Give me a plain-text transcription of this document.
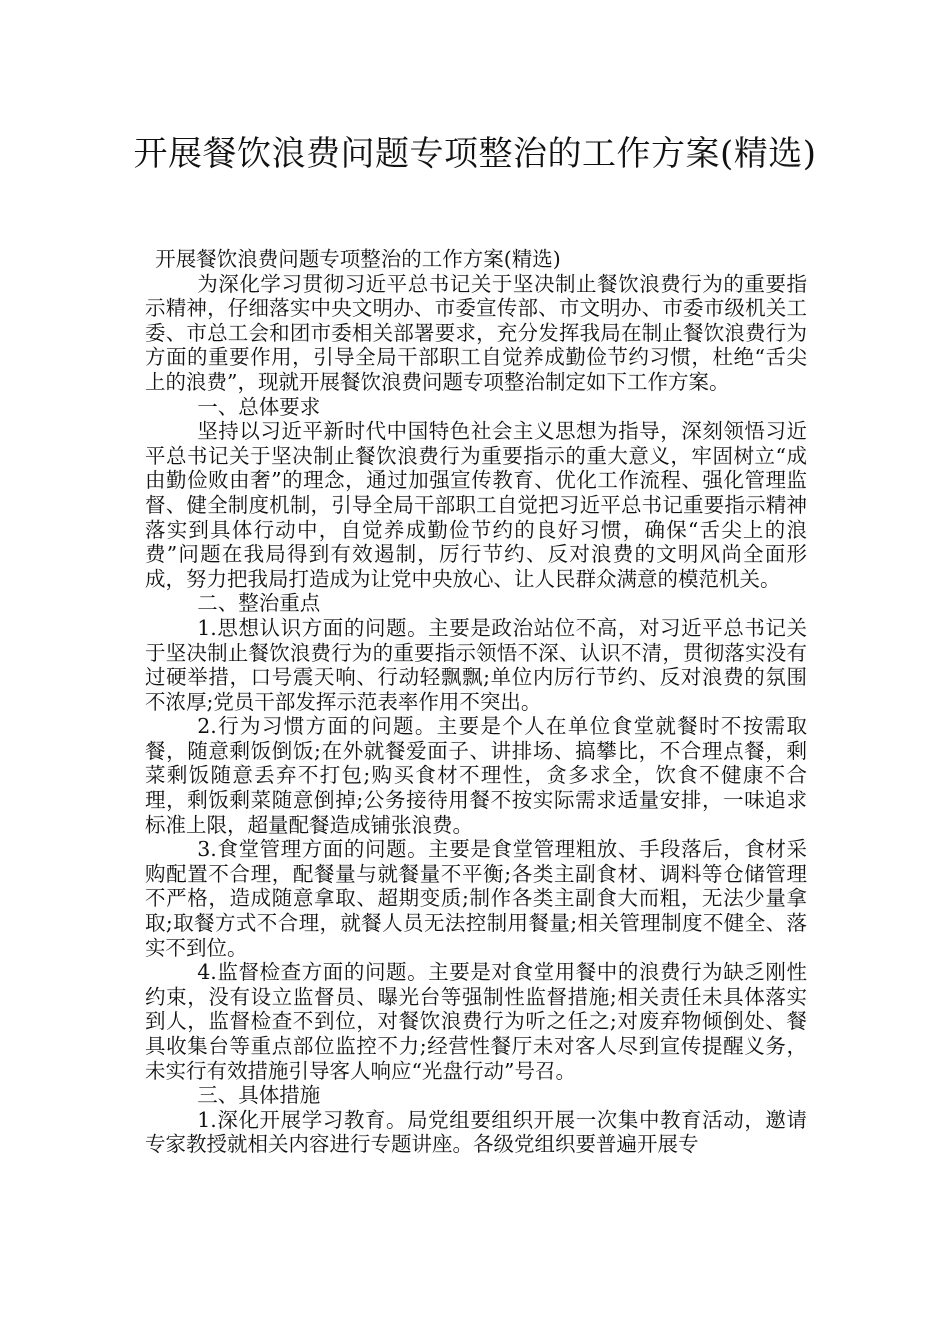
开展餐饮浪费问题专项整治的工作方案(精选)

开展餐饮浪费问题专项整治的工作方案(精选)

为深化学习贯彻习近平总书记关于坚决制止餐饮浪费行为的重要指示精神，仔细落实中央文明办、市委宣传部、市文明办、市委市级机关工委、市总工会和团市委相关部署要求，充分发挥我局在制止餐饮浪费行为方面的重要作用，引导全局干部职工自觉养成勤俭节约习惯，杜绝“舌尖上的浪费”，现就开展餐饮浪费问题专项整治制定如下工作方案。

一、总体要求

坚持以习近平新时代中国特色社会主义思想为指导，深刻领悟习近平总书记关于坚决制止餐饮浪费行为重要指示的重大意义，牢固树立“成由勤俭败由奢”的理念，通过加强宣传教育、优化工作流程、强化管理监督、健全制度机制，引导全局干部职工自觉把习近平总书记重要指示精神落实到具体行动中，自觉养成勤俭节约的良好习惯，确保“舌尖上的浪费”问题在我局得到有效遏制，厉行节约、反对浪费的文明风尚全面形成，努力把我局打造成为让党中央放心、让人民群众满意的模范机关。

二、整治重点

1.思想认识方面的问题。主要是政治站位不高，对习近平总书记关于坚决制止餐饮浪费行为的重要指示领悟不深、认识不清，贯彻落实没有过硬举措，口号震天响、行动轻飘飘;单位内厉行节约、反对浪费的氛围不浓厚;党员干部发挥示范表率作用不突出。

2.行为习惯方面的问题。主要是个人在单位食堂就餐时不按需取餐，随意剩饭倒饭;在外就餐爱面子、讲排场、搞攀比，不合理点餐，剩菜剩饭随意丢弃不打包;购买食材不理性，贪多求全，饮食不健康不合理，剩饭剩菜随意倒掉;公务接待用餐不按实际需求适量安排，一味追求标准上限，超量配餐造成铺张浪费。

3.食堂管理方面的问题。主要是食堂管理粗放、手段落后，食材采购配置不合理，配餐量与就餐量不平衡;各类主副食材、调料等仓储管理不严格，造成随意拿取、超期变质;制作各类主副食大而粗，无法少量拿取;取餐方式不合理，就餐人员无法控制用餐量;相关管理制度不健全、落实不到位。

4.监督检查方面的问题。主要是对食堂用餐中的浪费行为缺乏刚性约束，没有设立监督员、曝光台等强制性监督措施;相关责任未具体落实到人，监督检查不到位，对餐饮浪费行为听之任之;对废弃物倾倒处、餐具收集台等重点部位监控不力;经营性餐厅未对客人尽到宣传提醒义务，未实行有效措施引导客人响应“光盘行动”号召。

三、具体措施

1.深化开展学习教育。局党组要组织开展一次集中教育活动，邀请专家教授就相关内容进行专题讲座。各级党组织要普遍开展专
